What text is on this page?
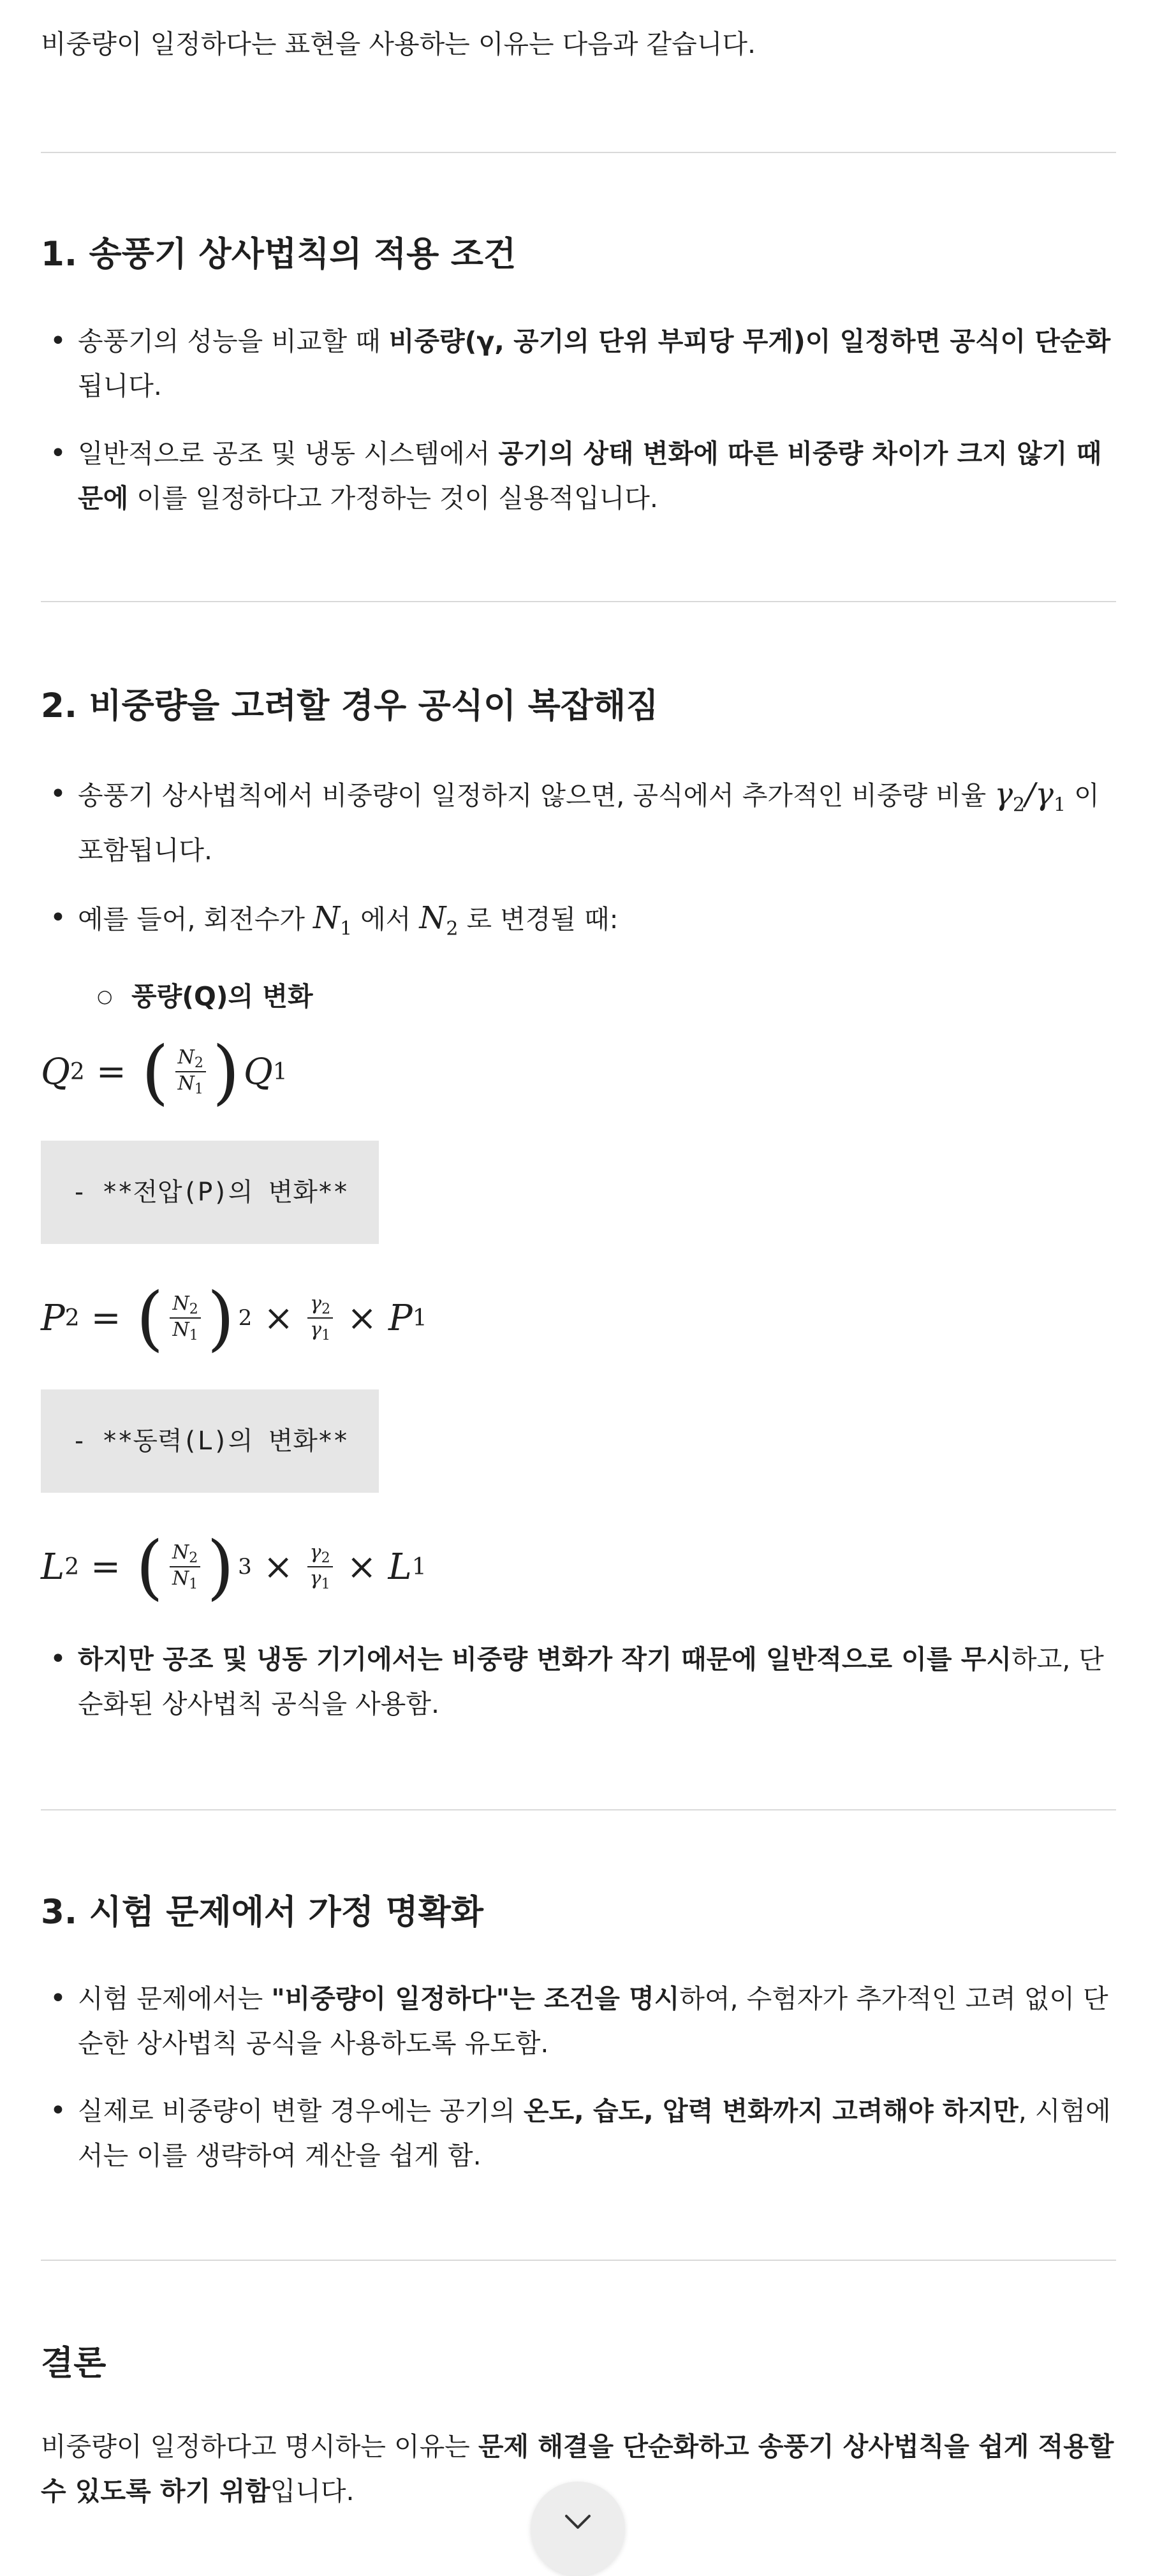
비중량이 일정하다는 표현을 사용하는 이유는 다음과 같습니다.

1. 송풍기 상사법칙의 적용 조건
• 송풍기의 성능을 비교할 때 비중량(γ, 공기의 단위 부피당 무게)이 일정하면 공식이 단순화됩니다.
• 일반적으로 공조 및 냉동 시스템에서 공기의 상태 변화에 따른 비중량 차이가 크지 않기 때문에 이를 일정하다고 가정하는 것이 실용적입니다.
2. 비중량을 고려할 경우 공식이 복잡해짐
• 송풍기 상사법칙에서 비중량이 일정하지 않으면, 공식에서 추가적인 비중량 비율 $\gamma_2/\gamma_1$ 이 포함됩니다.
• 예를 들어, 회전수가 $N_1$ 에서 $N_2$ 로 변경될 때:
○ 풍량(Q)의 변화
Q 2 = ( $\frac{N_2}{N_1}$ ) Q 1
- **전압(P)의 변화**
P 2 = ( $\frac{N_2}{N_1}$ ) $2 \times \frac{\gamma_2}{\gamma_1} \times P$ 1
- **동력(L)의 변화**
L 2 = ( $\frac{N_2}{N_1}$ ) $3 \times \frac{\gamma_2}{\gamma_1} \times L$ 1
• 하지만 공조 및 냉동 기기에서는 비중량 변화가 작기 때문에 일반적으로 이를 무시하고, 단순화된 상사법칙 공식을 사용함.
3. 시험 문제에서 가정 명확화
• 시험 문제에서는 "비중량이 일정하다"는 조건을 명시하여, 수험자가 추가적인 고려 없이 단순한 상사법칙 공식을 사용하도록 유도함.
• 실제로 비중량이 변할 경우에는 공기의 온도, 습도, 압력 변화까지 고려해야 하지만, 시험에서는 이를 생략하여 계산을 쉽게 함.
결론

비중량이 일정하다고 명시하는 이유는 문제 해결을 단순화하고 송풍기 상사법칙을 쉽게 적용할 수 있도록 하기 위함입니다.
